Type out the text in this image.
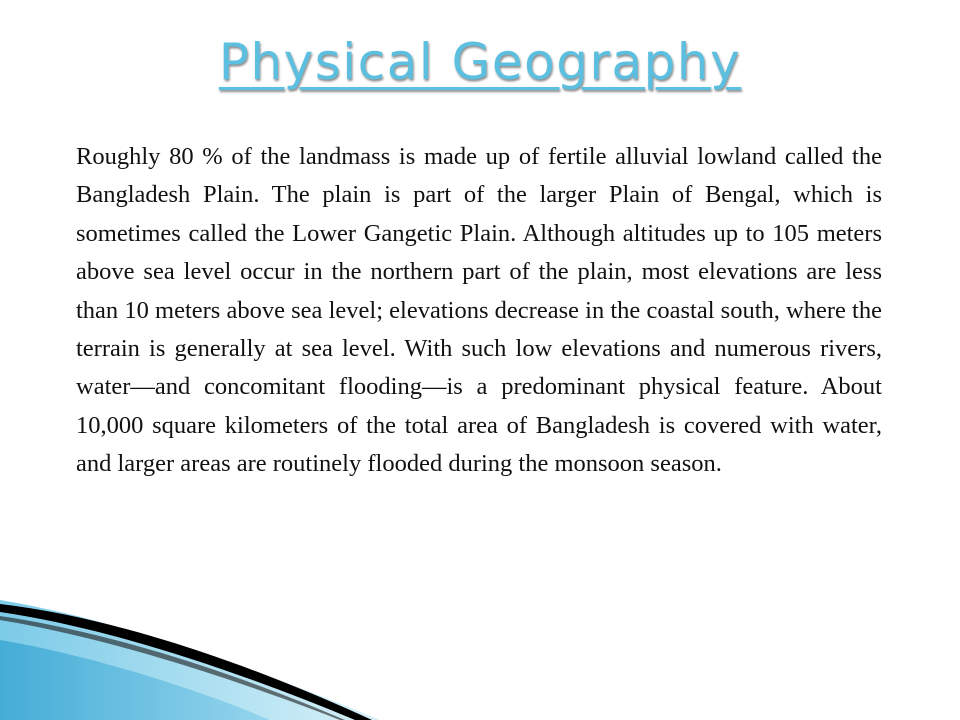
Physical Geography

Roughly 80 % of the landmass is made up of fertile alluvial lowland called the Bangladesh Plain. The plain is part of the larger Plain of Bengal, which is sometimes called the Lower Gangetic Plain. Although altitudes up to 105 meters above sea level occur in the northern part of the plain, most elevations are less than 10 meters above sea level; elevations decrease in the coastal south, where the terrain is generally at sea level. With such low elevations and numerous rivers, water—and concomitant flooding—is a predominant physical feature. About 10,000 square kilometers of the total area of Bangladesh is covered with water, and larger areas are routinely flooded during the monsoon season.
